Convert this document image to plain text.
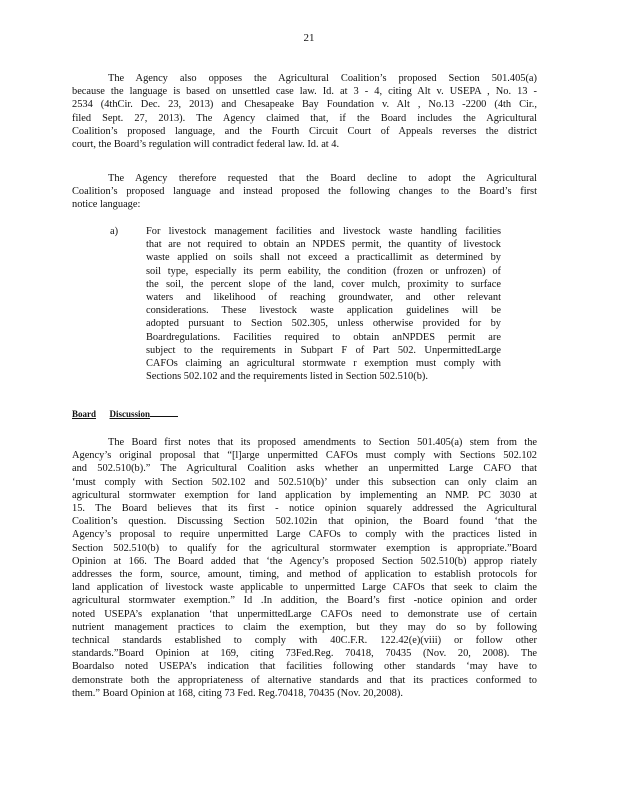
21
The Agency also opposes the Agricultural Coalition’s proposed Section 501.405(a)
because the language is based on unsettled case law. Id. at 3 - 4, citing Alt v. USEPA , No. 13 -
2534 (4thCir. Dec. 23, 2013) and Chesapeake Bay Foundation v. Alt , No.13 -2200 (4th Cir.,
filed Sept. 27, 2013). The Agency claimed that, if the Board includes the Agricultural
Coalition’s proposed language, and the Fourth Circuit Court of Appeals reverses the district
court, the Board’s regulation will contradict federal law. Id. at 4.
The Agency therefore requested that the Board decline to adopt the Agricultural
Coalition’s proposed language and instead proposed the following changes to the Board’s first
notice language:
a)	For livestock management facilities and livestock waste handling facilities
that are not required to obtain an NPDES permit, the quantity of livestock
waste applied on soils shall not exceed a practicallimit as determined by
soil type, especially its perm eability, the condition (frozen or unfrozen) of
the soil, the percent slope of the land, cover mulch, proximity to surface
waters and likelihood of reaching groundwater, and other relevant
considerations. These livestock waste application guidelines will be
adopted pursuant to Section 502.305, unless otherwise provided for by
Boardregulations. Facilities required to obtain anNPDES permit are
subject to the requirements in Subpart F of Part 502. UnpermittedLarge
CAFOs claiming an agricultural stormwate r exemption must comply with
Sections 502.102 and the requirements listed in Section 502.510(b).
Board Discussion
The Board first notes that its proposed amendments to Section 501.405(a) stem from the
Agency’s original proposal that “[l]arge unpermitted CAFOs must comply with Sections 502.102
and 502.510(b).” The Agricultural Coalition asks whether an unpermitted Large CAFO that
‘must comply with Section 502.102 and 502.510(b)’ under this subsection can only claim an
agricultural stormwater exemption for land application by implementing an NMP. PC 3030 at
15. The Board believes that its first - notice opinion squarely addressed the Agricultural
Coalition’s question. Discussing Section 502.102in that opinion, the Board found ‘that the
Agency’s proposal to require unpermitted Large CAFOs to comply with the practices listed in
Section 502.510(b) to qualify for the agricultural stormwater exemption is appropriate.”Board
Opinion at 166. The Board added that ‘the Agency’s proposed Section 502.510(b) approp riately
addresses the form, source, amount, timing, and method of application to establish protocols for
land application of livestock waste applicable to unpermitted Large CAFOs that seek to claim the
agricultural stormwater exemption.” Id .In addition, the Board’s first -notice opinion and order
noted USEPA’s explanation ‘that unpermittedLarge CAFOs need to demonstrate use of certain
nutrient management practices to claim the exemption, but they may do so by following
technical standards established to comply with 40C.F.R. 122.42(e)(viii) or follow other
standards.”Board Opinion at 169, citing 73Fed.Reg. 70418, 70435 (Nov. 20, 2008). The
Boardalso noted USEPA’s indication that facilities following other standards ‘may have to
demonstrate both the appropriateness of alternative standards and that its practices conformed to
them.” Board Opinion at 168, citing 73 Fed. Reg.70418, 70435 (Nov. 20,2008).
